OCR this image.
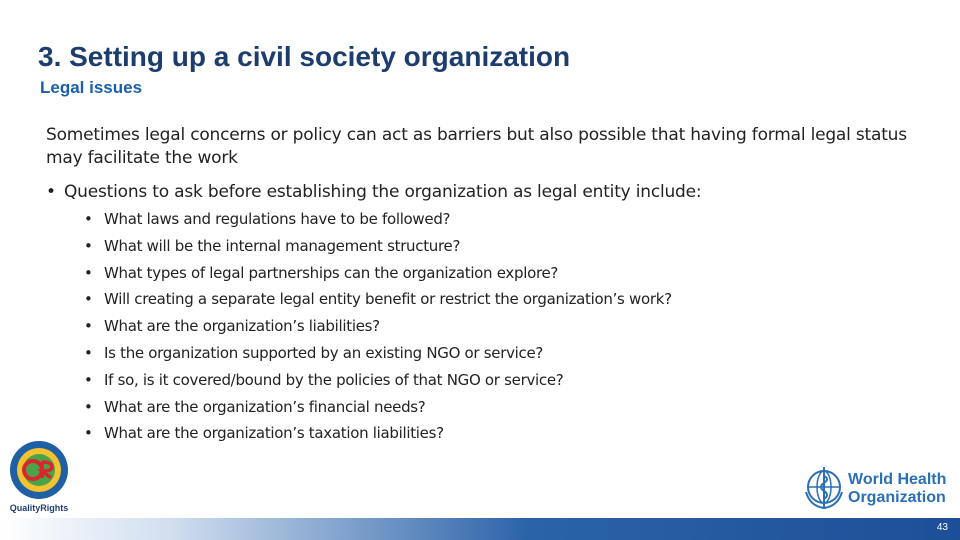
3. Setting up a civil society organization
Legal issues
Sometimes legal concerns or policy can act as barriers but also possible that having formal legal status may facilitate the work
• Questions to ask before establishing the organization as legal entity include:
• What laws and regulations have to be followed?
• What will be the internal management structure?
• What types of legal partnerships can the organization explore?
• Will creating a separate legal entity benefit or restrict the organization’s work?
• What are the organization’s liabilities?
• Is the organization supported by an existing NGO or service?
• If so, is it covered/bound by the policies of that NGO or service?
• What are the organization’s financial needs?
• What are the organization’s taxation liabilities?
QualityRights
World Health
Organization
43
